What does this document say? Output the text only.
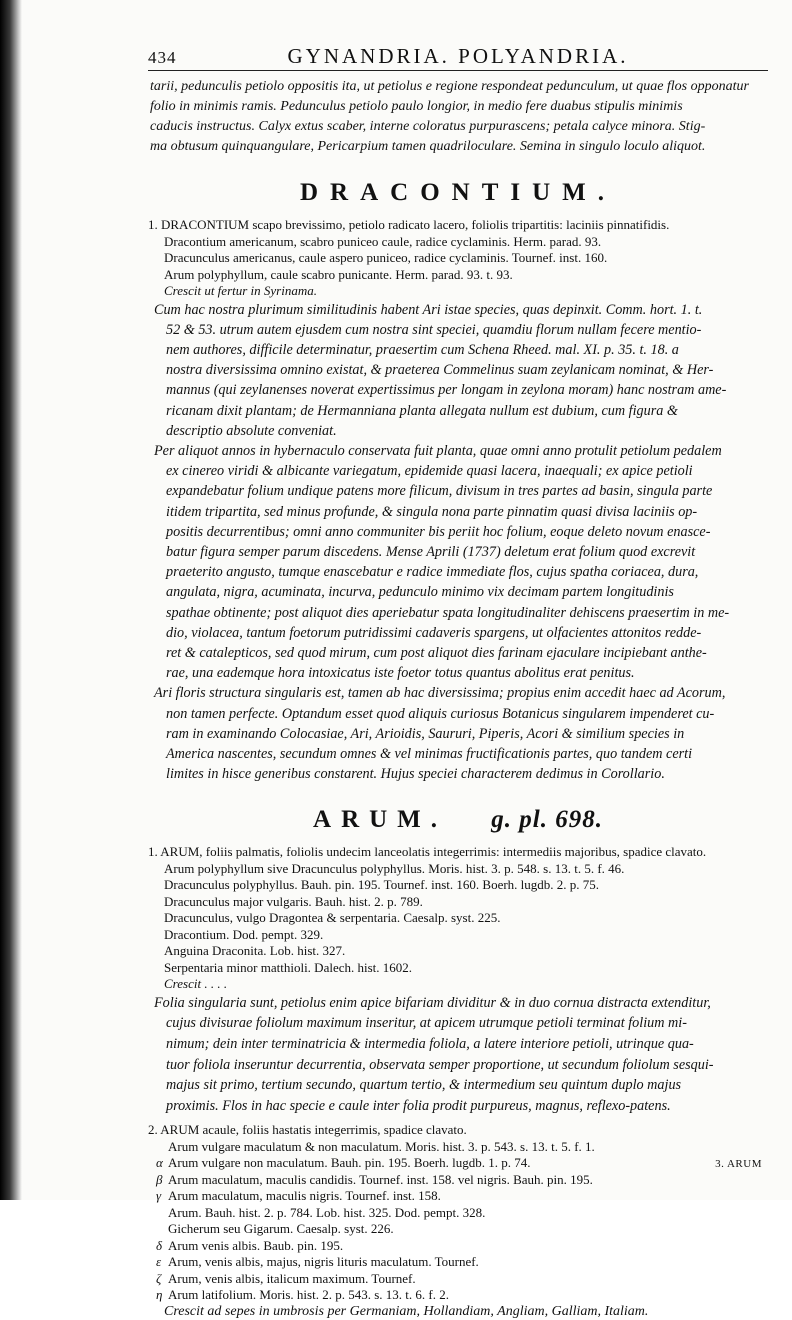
434	GYNANDRIA. POLYANDRIA.
tarii, pedunculis petiolo oppositis ita, ut petiolus e regione respondeat pedunculum, ut quae flos opponatur
folio in minimis ramis. Pedunculus petiolo paulo longior, in medio fere duabus stipulis minimis
caducis instructus. Calyx extus scaber, interne coloratus purpurascens; petala calyce minora. Stig-
ma obtusum quinquangulare, Pericarpium tamen quadriloculare. Semina in singulo loculo aliquot.
DRACONTIUM.
1. DRACONTIUM scapo brevissimo, petiolo radicato lacero, foliolis tripartitis: laciniis pinnatifidis.
Dracontium americanum, scabro puniceo caule, radice cyclaminis. Herm. parad. 93.
Dracunculus americanus, caule aspero puniceo, radice cyclaminis. Tournef. inst. 160.
Arum polyphyllum, caule scabro punicante. Herm. parad. 93. t. 93.
Crescit ut fertur in Syrinama.
Cum hac nostra plurimum similitudinis habent Ari istae species, quas depinxit. Comm. hort. 1. t.
52 & 53. utrum autem ejusdem cum nostra sint speciei, quamdiu florum nullam fecere mentio-
nem authores, difficile determinatur, praesertim cum Schena Rheed. mal. XI. p. 35. t. 18. a
nostra diversissima omnino existat, & praeterea Commelinus suam zeylanicam nominat, & Her-
mannus (qui zeylanenses noverat expertissimus per longam in zeylona moram) hanc nostram ame-
ricanam dixit plantam; de Hermanniana planta allegata nullum est dubium, cum figura &
descriptio absolute conveniat.
Per aliquot annos in hybernaculo conservata fuit planta, quae omni anno protulit petiolum pedalem
ex cinereo viridi & albicante variegatum, epidemide quasi lacera, inaequali; ex apice petioli
expandebatur folium undique patens more filicum, divisum in tres partes ad basin, singula parte
itidem tripartita, sed minus profunde, & singula nona parte pinnatim quasi divisa laciniis op-
positis decurrentibus; omni anno communiter bis periit hoc folium, eoque deleto novum enasce-
batur figura semper parum discedens. Mense Aprili (1737) deletum erat folium quod excrevit
praeterito angusto, tumque enascebatur e radice immediate flos, cujus spatha coriacea, dura,
angulata, nigra, acuminata, incurva, pedunculo minimo vix decimam partem longitudinis
spathae obtinente; post aliquot dies aperiebatur spata longitudinaliter dehiscens praesertim in me-
dio, violacea, tantum foetorum putridissimi cadaveris spargens, ut olfacientes attonitos redde-
ret & catalepticos, sed quod mirum, cum post aliquot dies farinam ejaculare incipiebant anthe-
rae, una eademque hora intoxicatus iste foetor totus quantus abolitus erat penitus.
Ari floris structura singularis est, tamen ab hac diversissima; propius enim accedit haec ad Acorum,
non tamen perfecte. Optandum esset quod aliquis curiosus Botanicus singularem impenderet cu-
ram in examinando Colocasiae, Ari, Arioidis, Saururi, Piperis, Acori & similium species in
America nascentes, secundum omnes & vel minimas fructificationis partes, quo tandem certi
limites in hisce generibus constarent. Hujus speciei characterem dedimus in Corollario.
ARUM. g. pl. 698.
1. ARUM, foliis palmatis, foliolis undecim lanceolatis integerrimis: intermediis majoribus, spadice clavato.
Arum polyphyllum sive Dracunculus polyphyllus. Moris. hist. 3. p. 548. s. 13. t. 5. f. 46.
Dracunculus polyphyllus. Bauh. pin. 195. Tournef. inst. 160. Boerh. lugdb. 2. p. 75.
Dracunculus major vulgaris. Bauh. hist. 2. p. 789.
Dracunculus, vulgo Dragontea & serpentaria. Caesalp. syst. 225.
Dracontium. Dod. pempt. 329.
Anguina Draconita. Lob. hist. 327.
Serpentaria minor matthioli. Dalech. hist. 1602.
Crescit . . . .
Folia singularia sunt, petiolus enim apice bifariam dividitur & in duo cornua distracta extenditur,
cujus divisurae foliolum maximum inseritur, at apicem utrumque petioli terminat folium mi-
nimum; dein inter terminatricia & intermedia foliola, a latere interiore petioli, utrinque qua-
tuor foliola inseruntur decurrentia, observata semper proportione, ut secundum foliolum sesqui-
majus sit primo, tertium secundo, quartum tertio, & intermedium seu quintum duplo majus
proximis. Flos in hac specie e caule inter folia prodit purpureus, magnus, reflexo-patens.
2. ARUM acaule, foliis hastatis integerrimis, spadice clavato.
Arum vulgare maculatum & non maculatum. Moris. hist. 3. p. 543. s. 13. t. 5. f. 1.
α Arum vulgare non maculatum. Bauh. pin. 195. Boerh. lugdb. 1. p. 74.
β Arum maculatum, maculis candidis. Tournef. inst. 158. vel nigris. Bauh. pin. 195.
γ Arum maculatum, maculis nigris. Tournef. inst. 158.
Arum. Bauh. hist. 2. p. 784. Lob. hist. 325. Dod. pempt. 328.
Gicherum seu Gigarum. Caesalp. syst. 226.
δ Arum venis albis. Baub. pin. 195.
ε Arum, venis albis, majus, nigris lituris maculatum. Tournef.
ζ Arum, venis albis, italicum maximum. Tournef.
η Arum latifolium. Moris. hist. 2. p. 543. s. 13. t. 6. f. 2.
Crescit ad sepes in umbrosis per Germaniam, Hollandiam, Angliam, Galliam, Italiam.
3. ARUM
